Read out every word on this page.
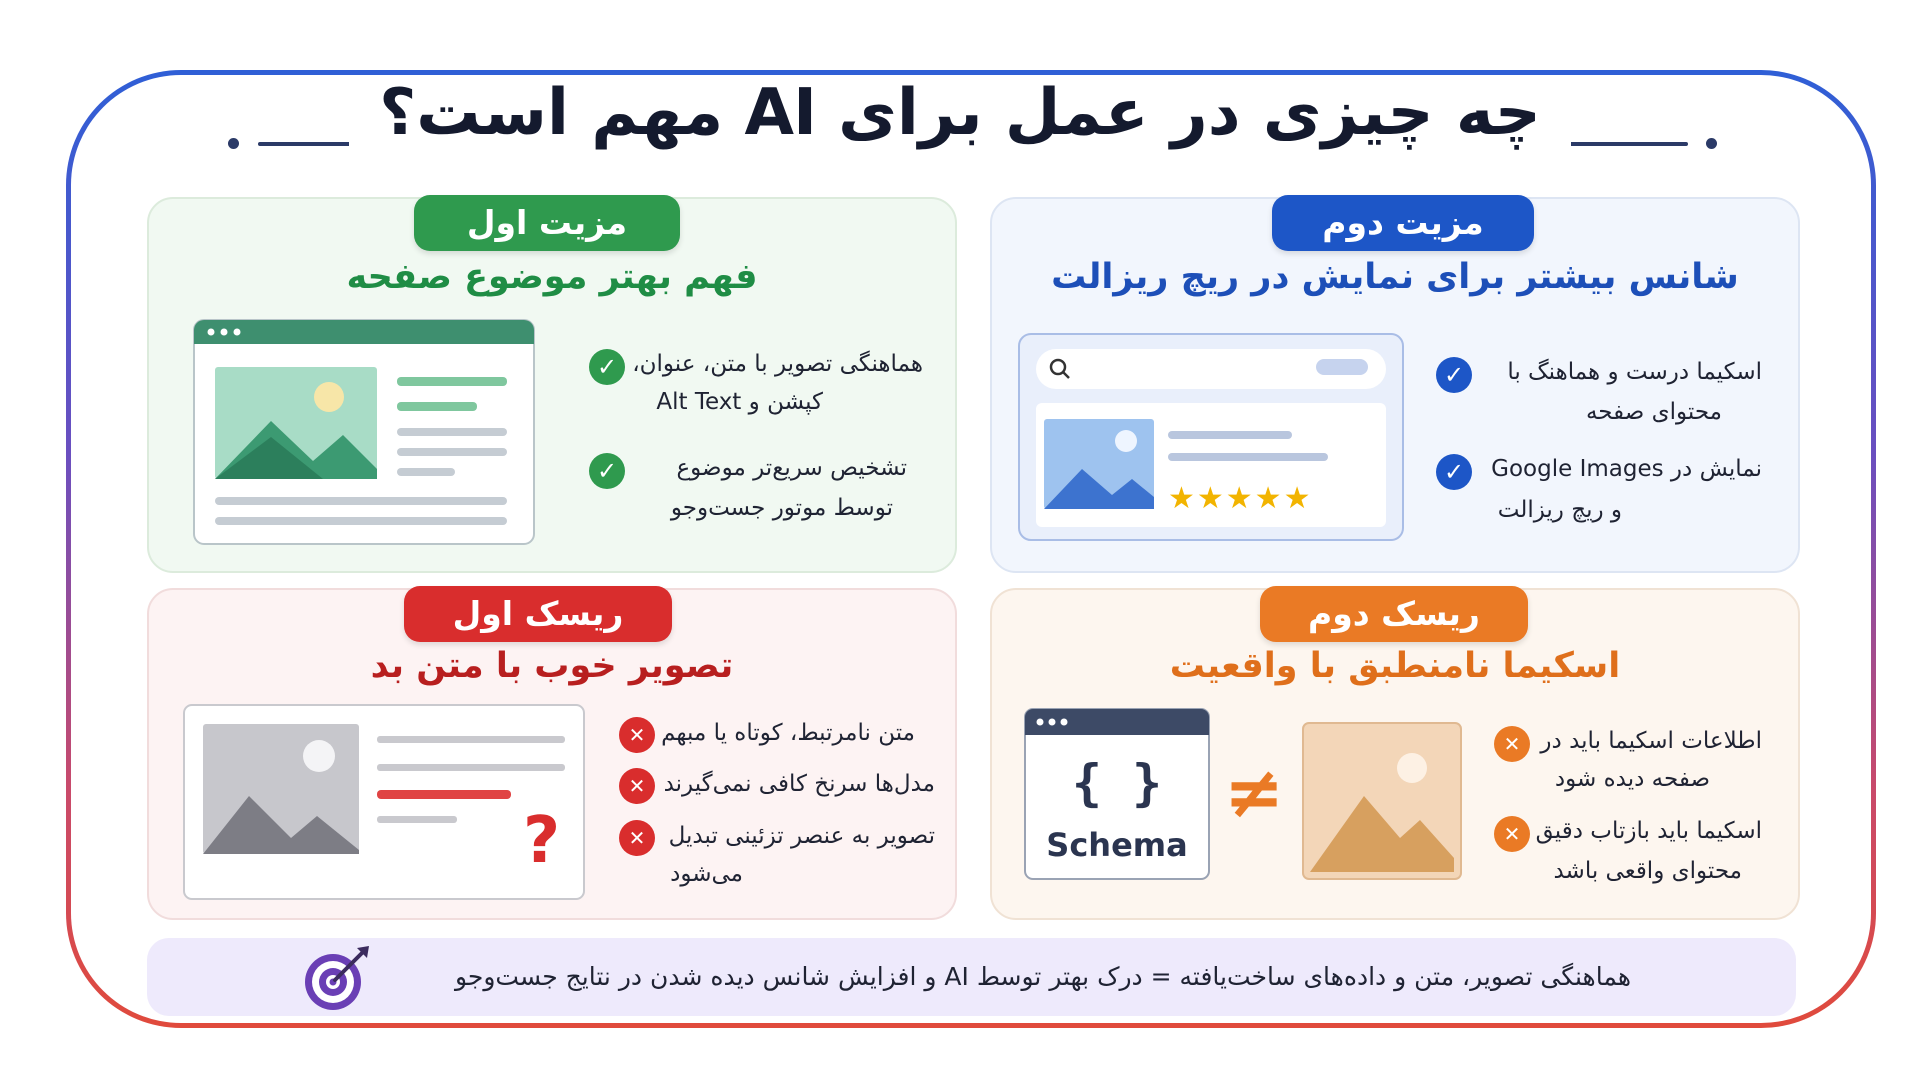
چه چیزی در عمل برای AI مهم است؟
مزیت اول
فهم بهتر موضوع صفحه
✓ هماهنگی تصویر با متن، عنوان،
کپشن و Alt Text
✓	تشخیص سریع‌تر موضوع
توسط موتور جست‌وجو
مزیت دوم
شانس بیشتر برای نمایش در ریچ ریزالت
★★★★★
✓	اسکیما درست و هماهنگ با
محتوای صفحه
✓	نمایش در Google Images
و ریچ ریزالت
ریسک اول
تصویر خوب با متن بد
?
✕ متن نامرتبط، کوتاه یا مبهم
✕ مدل‌ها سرنخ کافی نمی‌گیرند
✕	تصویر به عنصر تزئینی تبدیل
می‌شود
ریسک دوم
اسکیما نامنطبق با واقعیت
{ }
Schema
≠
✕ اطلاعات اسکیما باید در
صفحه دیده شود
✕ اسکیما باید بازتاب دقیق
محتوای واقعی باشد
هماهنگی تصویر، متن و داده‌های ساخت‌یافته = درک بهتر توسط AI و افزایش شانس دیده شدن در نتایج جست‌وجو
